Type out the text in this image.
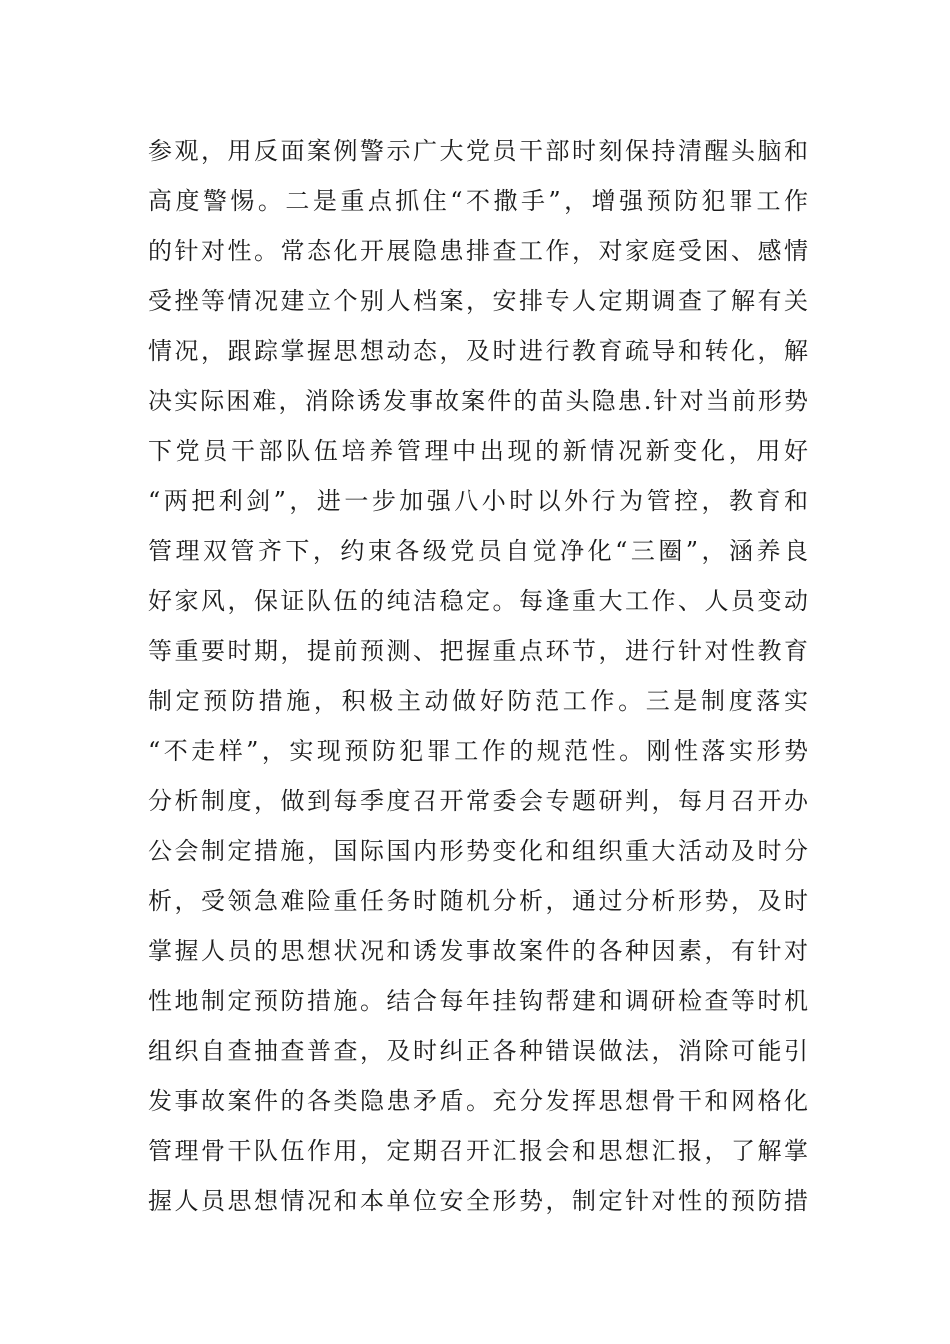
参观，用反面案例警示广大党员干部时刻保持清醒头脑和
高度警惕。二是重点抓住“不撒手”，增强预防犯罪工作
的针对性。常态化开展隐患排查工作，对家庭受困、感情
受挫等情况建立个别人档案，安排专人定期调查了解有关
情况，跟踪掌握思想动态，及时进行教育疏导和转化，解
决实际困难，消除诱发事故案件的苗头隐患.针对当前形势
下党员干部队伍培养管理中出现的新情况新变化，用好
“两把利剑”，进一步加强八小时以外行为管控，教育和
管理双管齐下，约束各级党员自觉净化“三圈”，涵养良
好家风，保证队伍的纯洁稳定。每逢重大工作、人员变动
等重要时期，提前预测、把握重点环节，进行针对性教育
制定预防措施，积极主动做好防范工作。三是制度落实
“不走样”，实现预防犯罪工作的规范性。刚性落实形势
分析制度，做到每季度召开常委会专题研判，每月召开办
公会制定措施，国际国内形势变化和组织重大活动及时分
析，受领急难险重任务时随机分析，通过分析形势，及时
掌握人员的思想状况和诱发事故案件的各种因素，有针对
性地制定预防措施。结合每年挂钩帮建和调研检查等时机
组织自查抽查普查，及时纠正各种错误做法，消除可能引
发事故案件的各类隐患矛盾。充分发挥思想骨干和网格化
管理骨干队伍作用，定期召开汇报会和思想汇报，了解掌
握人员思想情况和本单位安全形势，制定针对性的预防措
